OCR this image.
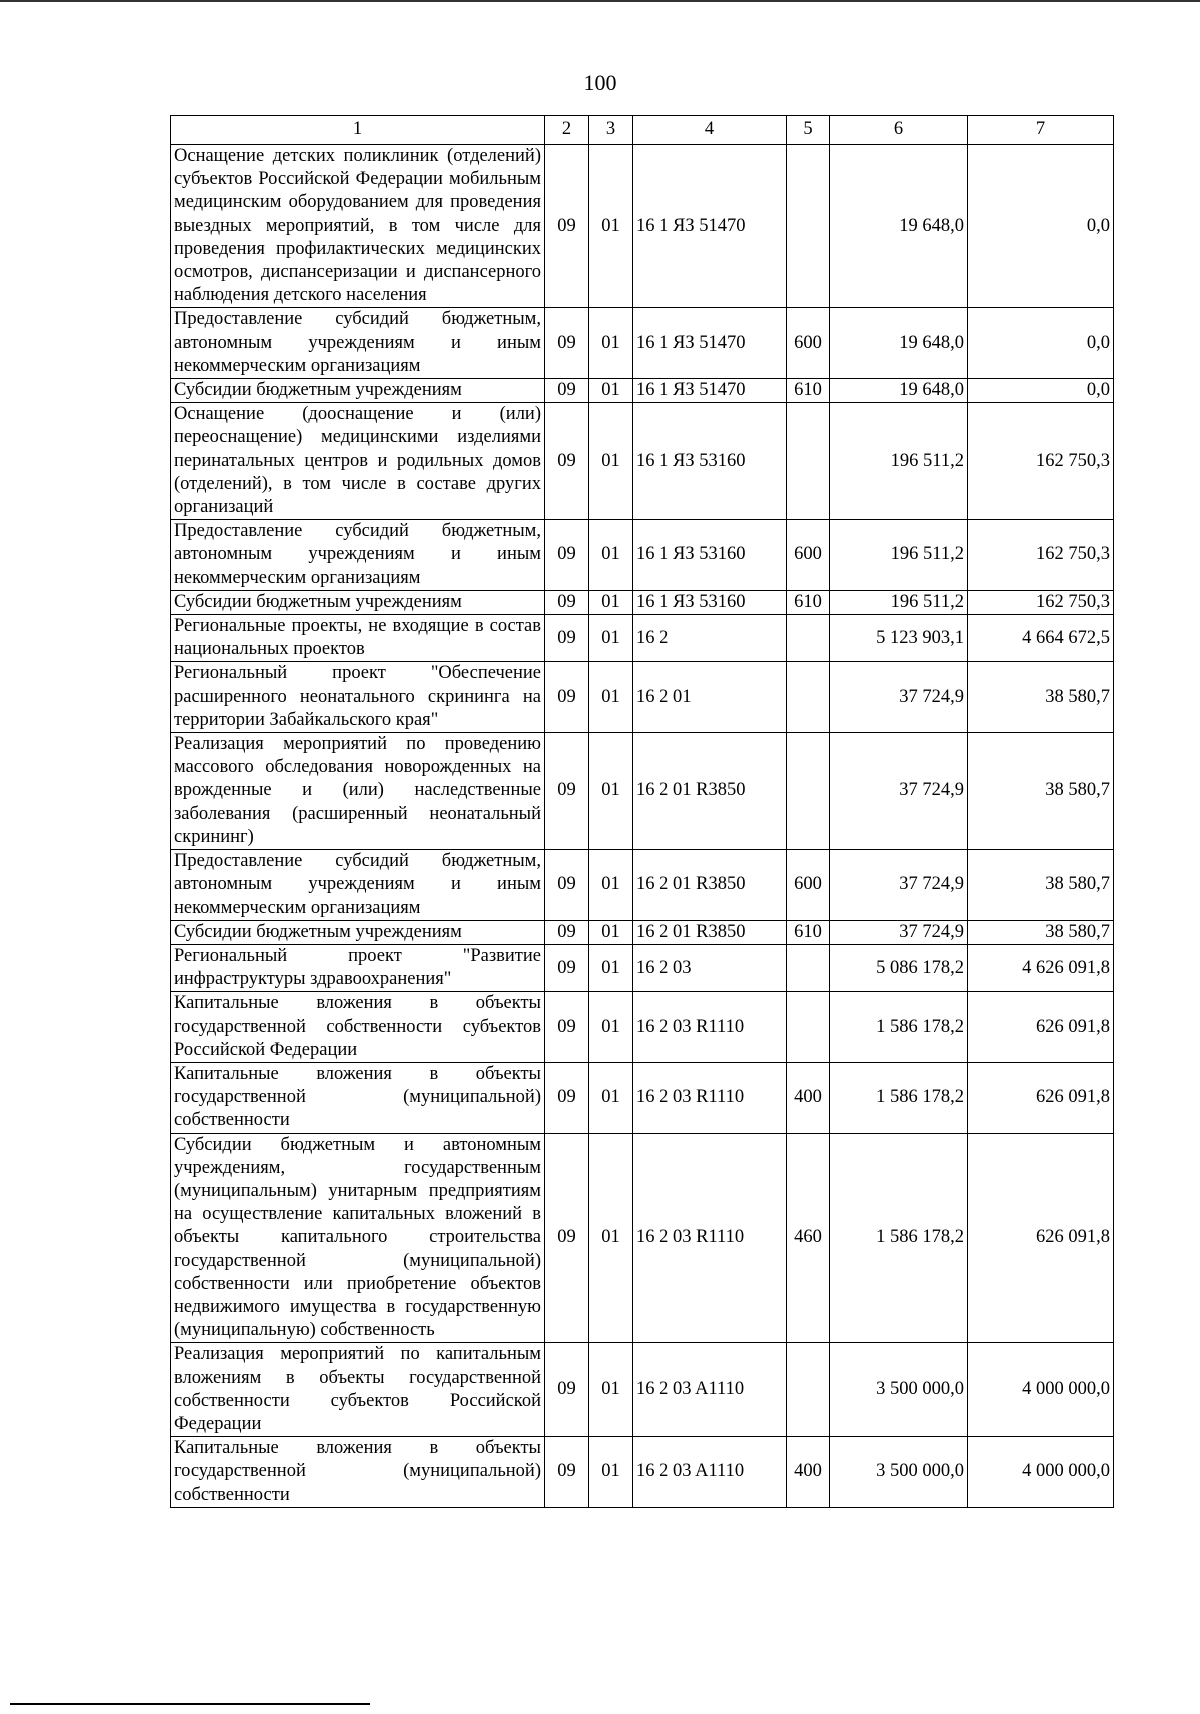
100
1	2	3	4	5	6	7
Оснащение детских поликлиник (отделений) субъектов Российской Федерации мобильным медицинским оборудованием для проведения выездных мероприятий, в том числе для проведения профилактических медицинских осмотров, диспансеризации и диспансерного наблюдения детского населения	09	01	16 1 ЯЗ 51470		19 648,0	0,0
Предоставление субсидий бюджетным, автономным учреждениям и иным некоммерческим организациям	09	01	16 1 ЯЗ 51470	600	19 648,0	0,0
Субсидии бюджетным учреждениям	09	01	16 1 ЯЗ 51470	610	19 648,0	0,0
Оснащение (дооснащение и (или) переоснащение) медицинскими изделиями перинатальных центров и родильных домов (отделений), в том числе в составе других организаций	09	01	16 1 ЯЗ 53160		196 511,2	162 750,3
Предоставление субсидий бюджетным, автономным учреждениям и иным некоммерческим организациям	09	01	16 1 ЯЗ 53160	600	196 511,2	162 750,3
Субсидии бюджетным учреждениям	09	01	16 1 ЯЗ 53160	610	196 511,2	162 750,3
Региональные проекты, не входящие в состав национальных проектов	09	01	16 2		5 123 903,1	4 664 672,5
Региональный проект "Обеспечение расширенного неонатального скрининга на территории Забайкальского края"	09	01	16 2 01		37 724,9	38 580,7
Реализация мероприятий по проведению массового обследования новорожденных на врожденные и (или) наследственные заболевания (расширенный неонатальный скрининг)	09	01	16 2 01 R3850		37 724,9	38 580,7
Предоставление субсидий бюджетным, автономным учреждениям и иным некоммерческим организациям	09	01	16 2 01 R3850	600	37 724,9	38 580,7
Субсидии бюджетным учреждениям	09	01	16 2 01 R3850	610	37 724,9	38 580,7
Региональный проект "Развитие инфраструктуры здравоохранения"	09	01	16 2 03		5 086 178,2	4 626 091,8
Капитальные вложения в объекты государственной собственности субъектов Российской Федерации	09	01	16 2 03 R1110		1 586 178,2	626 091,8
Капитальные вложения в объекты государственной (муниципальной) собственности	09	01	16 2 03 R1110	400	1 586 178,2	626 091,8
Субсидии бюджетным и автономным учреждениям, государственным (муниципальным) унитарным предприятиям на осуществление капитальных вложений в объекты капитального строительства государственной (муниципальной) собственности или приобретение объектов недвижимого имущества в государственную (муниципальную) собственность	09	01	16 2 03 R1110	460	1 586 178,2	626 091,8
Реализация мероприятий по капитальным вложениям в объекты государственной собственности субъектов Российской Федерации	09	01	16 2 03 A1110		3 500 000,0	4 000 000,0
Капитальные вложения в объекты государственной (муниципальной) собственности	09	01	16 2 03 A1110	400	3 500 000,0	4 000 000,0
